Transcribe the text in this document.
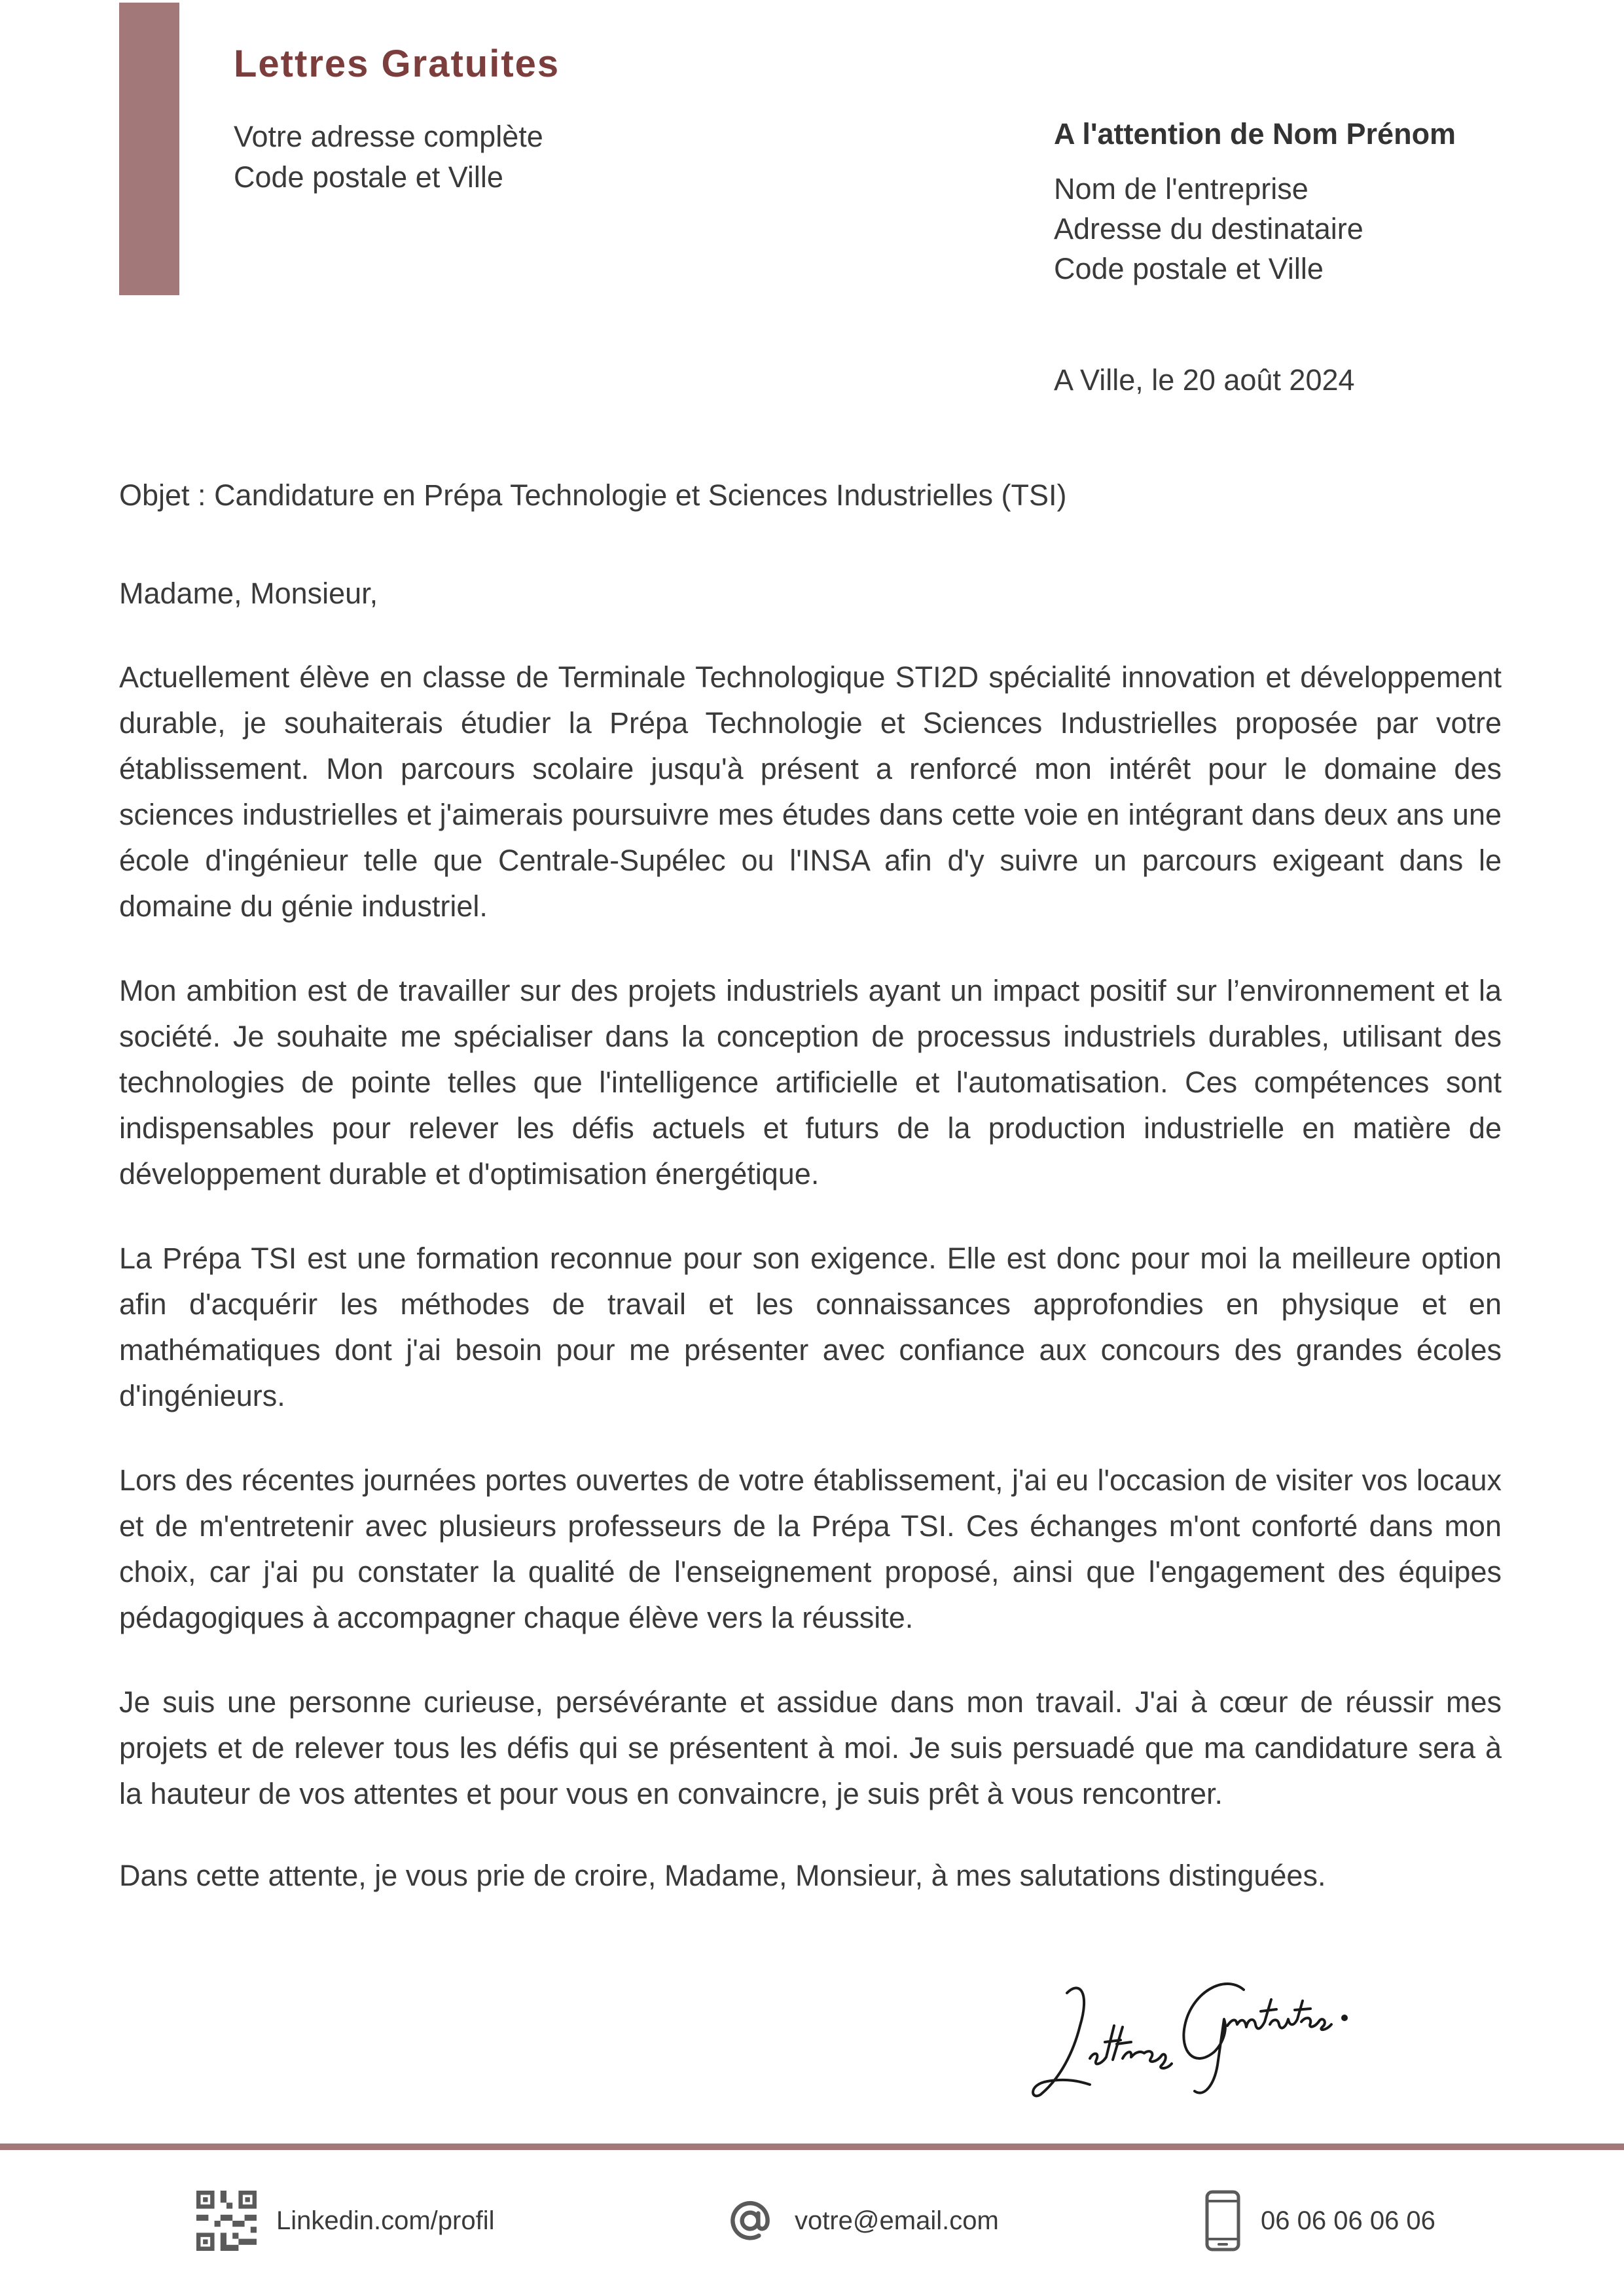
Lettres Gratuites
Votre adresse complète
Code postale et Ville
A l'attention de Nom Prénom
Nom de l'entreprise
Adresse du destinataire
Code postale et Ville
A Ville, le 20 août 2024
Objet : Candidature en Prépa Technologie et Sciences Industrielles (TSI)

Madame, Monsieur,

Actuellement élève en classe de Terminale Technologique STI2D spécialité innovation et développement durable, je souhaiterais étudier la Prépa Technologie et Sciences Industrielles proposée par votre établissement. Mon parcours scolaire jusqu'à présent a renforcé mon intérêt pour le domaine des sciences industrielles et j'aimerais poursuivre mes études dans cette voie en intégrant dans deux ans une école d'ingénieur telle que Centrale-Supélec ou l'INSA afin d'y suivre un parcours exigeant dans le domaine du génie industriel.

Mon ambition est de travailler sur des projets industriels ayant un impact positif sur l’environnement et la société. Je souhaite me spécialiser dans la conception de processus industriels durables, utilisant des technologies de pointe telles que l'intelligence artificielle et l'automatisation. Ces compétences sont indispensables pour relever les défis actuels et futurs de la production industrielle en matière de développement durable et d'optimisation énergétique.

La Prépa TSI est une formation reconnue pour son exigence. Elle est donc pour moi la meilleure option afin d'acquérir les méthodes de travail et les connaissances approfondies en physique et en mathématiques dont j'ai besoin pour me présenter avec confiance aux concours des grandes écoles d'ingénieurs.

Lors des récentes journées portes ouvertes de votre établissement, j'ai eu l'occasion de visiter vos locaux et de m'entretenir avec plusieurs professeurs de la Prépa TSI. Ces échanges m'ont conforté dans mon choix, car j'ai pu constater la qualité de l'enseignement proposé, ainsi que l'engagement des équipes pédagogiques à accompagner chaque élève vers la réussite.

Je suis une personne curieuse, persévérante et assidue dans mon travail. J'ai à cœur de réussir mes projets et de relever tous les défis qui se présentent à moi. Je suis persuadé que ma candidature sera à la hauteur de vos attentes et pour vous en convaincre, je suis prêt à vous rencontrer.

Dans cette attente, je vous prie de croire, Madame, Monsieur, à mes salutations distinguées.

Linkedin.com/profil	votre@email.com	06 06 06 06 06
